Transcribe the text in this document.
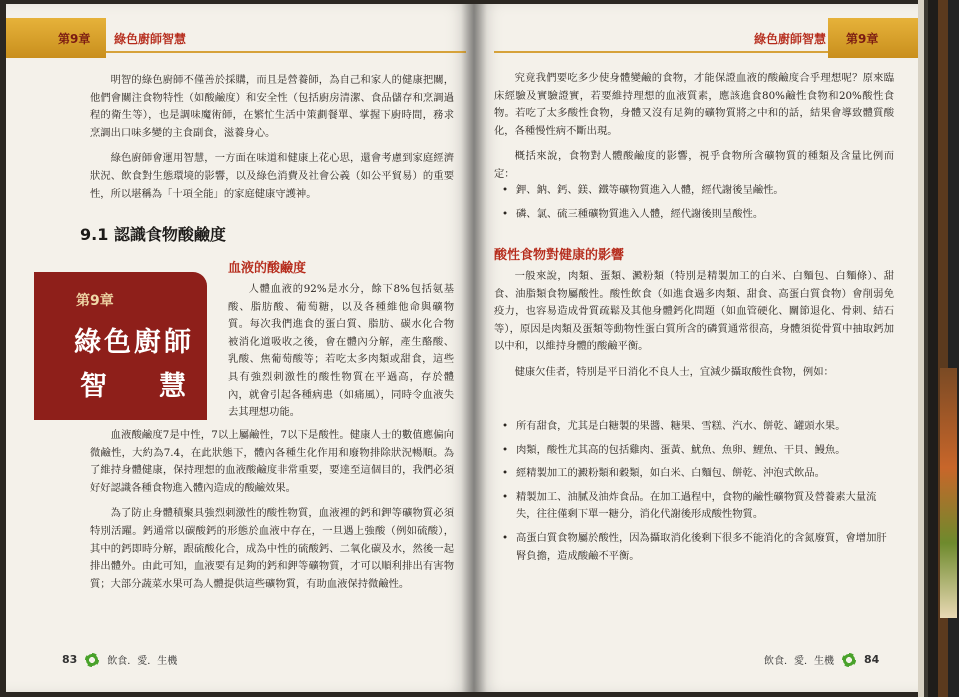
第9章 綠色廚師智慧

明智的綠色廚師不僅善於採購，而且是營養師，為自己和家人的健康把關，他們會關注食物特性（如酸鹼度）和安全性（包括廚房清潔、食品儲存和烹調過程的衛生等），也是調味魔術師，在繁忙生活中策劃餐單、掌握下廚時間，務求烹調出口味多變的主食副食，滋養身心。

綠色廚師會運用智慧，一方面在味道和健康上花心思，還會考慮到家庭經濟狀況、飲食對生態環境的影響，以及綠色消費及社會公義（如公平貿易）的重要性，所以堪稱為「十項全能」的家庭健康守護神。

9.1 認識食物酸鹼度
血液的酸鹼度
第9章
綠色廚師
智 慧

人體血液的92%是水分，餘下8%包括氨基酸、脂肪酸、葡萄糖，以及各種維他命與礦物質。每次我們進食的蛋白質、脂肪、碳水化合物被消化道吸收之後，會在體內分解，產生酪酸、乳酸、焦葡萄酸等；若吃太多肉類或甜食，這些具有強烈刺激性的酸性物質在平過高，存於體內，就會引起各種病患（如痛風），同時令血液失去其理想功能。

血液酸鹼度7是中性，7以上屬鹼性，7以下是酸性。健康人士的數值應偏向微鹼性，大約為7.4，在此狀態下，體內各種生化作用和廢物排除狀況暢順。為了維持身體健康，保持理想的血液酸鹼度非常重要，要達至這個目的，我們必須好好認識各種食物進入體內造成的酸鹼效果。

為了防止身體積聚具強烈刺激性的酸性物質，血液裡的鈣和鉀等礦物質必須特別活躍。鈣通常以碳酸鈣的形態於血液中存在，一旦遇上強酸（例如硫酸），其中的鈣即時分解，跟硫酸化合，成為中性的硫酸鈣、二氧化碳及水，然後一起排出體外。由此可知，血液要有足夠的鈣和鉀等礦物質，才可以順利排出有害物質；大部分蔬菜水果可為人體提供這些礦物質，有助血液保持微鹼性。

83	飲食．愛．生機
綠色廚師智慧 第9章

究竟我們要吃多少使身體變鹼的食物，才能保證血液的酸鹼度合乎理想呢？原來臨床經驗及實驗證實，若要維持理想的血液質素，應該進食80%鹼性食物和20%酸性食物。若吃了太多酸性食物，身體又沒有足夠的礦物質將之中和的話，結果會導致體質酸化，各種慢性病不斷出現。

概括來說，食物對人體酸鹼度的影響，視乎食物所含礦物質的種類及含量比例而定：

• 鉀、鈉、鈣、鎂、鐵等礦物質進入人體，經代謝後呈鹼性。
• 磷、氯、硫三種礦物質進入人體，經代謝後則呈酸性。
酸性食物對健康的影響

一般來說，肉類、蛋類、澱粉類（特別是精製加工的白米、白麵包、白麵條）、甜食、油脂類食物屬酸性。酸性飲食（如進食過多肉類、甜食、高蛋白質食物）會削弱免疫力，也容易造成骨質疏鬆及其他身體鈣化問題（如血管硬化、關節退化、骨刺、結石等），原因是肉類及蛋類等動物性蛋白質所含的磷質通常很高，身體須從骨質中抽取鈣加以中和，以維持身體的酸鹼平衡。

健康欠佳者，特別是平日消化不良人士，宜減少攝取酸性食物，例如：

• 所有甜食，尤其是白糖製的果醬、糖果、雪糕、汽水、餅乾、罐頭水果。
• 肉類，酸性尤其高的包括雞肉、蛋黃、魷魚、魚卵、鯉魚、干貝、鰻魚。
• 經精製加工的澱粉類和穀類，如白米、白麵包、餅乾、沖泡式飲品。
• 精製加工、油膩及油炸食品。在加工過程中，食物的鹼性礦物質及營養素大量流失，往往僅剩下單一糖分，消化代謝後形成酸性物質。
• 高蛋白質食物屬於酸性，因為攝取消化後剩下很多不能消化的含氮廢質，會增加肝腎負擔，造成酸鹼不平衡。
飲食．愛．生機	84
